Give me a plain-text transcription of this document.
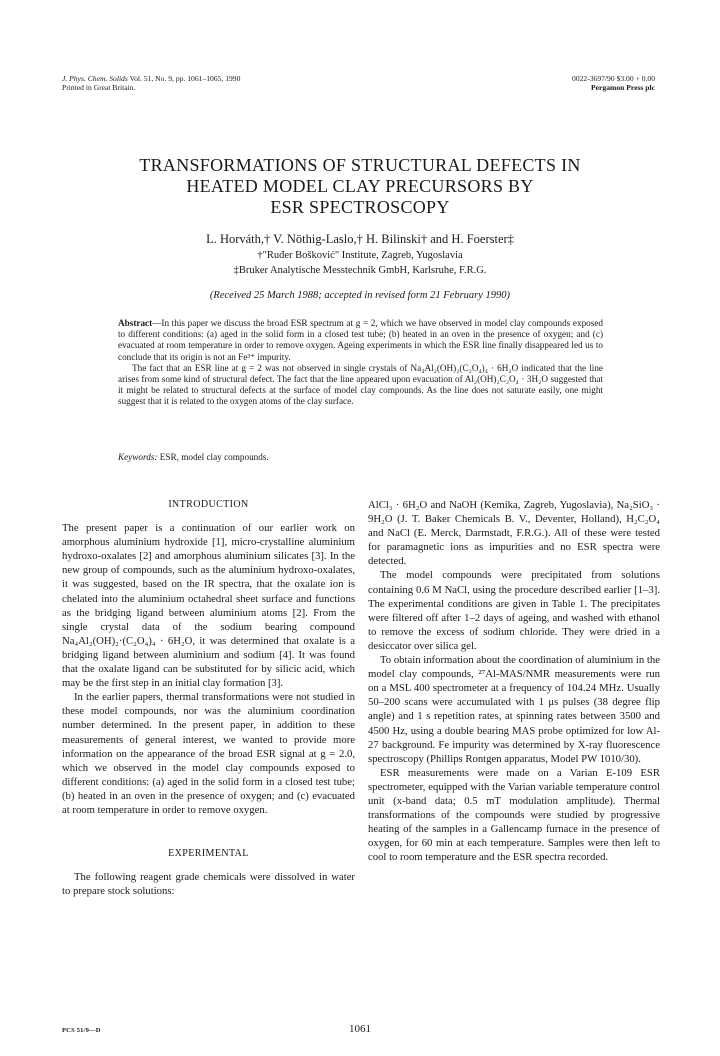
J. Phys. Chem. Solids Vol. 51, No. 9, pp. 1061–1065, 1990
Printed in Great Britain.
0022-3697/90 $3.00 + 0.00
Pergamon Press plc
TRANSFORMATIONS OF STRUCTURAL DEFECTS IN
HEATED MODEL CLAY PRECURSORS BY
ESR SPECTROSCOPY

L. Horváth,† V. Nöthig-Laslo,† H. Bilinski† and H. Foerster‡

†"Ruđer Bošković" Institute, Zagreb, Yugoslavia

‡Bruker Analytische Messtechnik GmbH, Karlsruhe, F.R.G.

(Received 25 March 1988; accepted in revised form 21 February 1990)

Abstract—In this paper we discuss the broad ESR spectrum at g = 2, which we have observed in model clay compounds exposed to different conditions: (a) aged in the solid form in a closed test tube; (b) heated in an oven in the presence of oxygen; and (c) evacuated at room temperature in order to remove oxygen. Ageing experiments in which the ESR line finally disappeared led us to conclude that its origin is not an Fe³⁺ impurity.

The fact that an ESR line at g = 2 was not observed in single crystals of Na₄Al₂(OH)₂(C₂O₄)₄ · 6H₂O indicated that the line arises from some kind of structural defect. The fact that the line appeared upon evacuation of Al₂(OH)₂C₂O₄ · 3H₂O suggested that it might be related to structural defects at the surface of model clay compounds. As the line does not saturate easily, one might suggest that it is related to the oxygen atoms of the clay surface.

Keywords: ESR, model clay compounds.

INTRODUCTION

The present paper is a continuation of our earlier work on amorphous aluminium hydroxide [1], micro-crystalline aluminium hydroxo-oxalates [2] and amorphous aluminium silicates [3]. In the new group of compounds, such as the aluminium hydroxo-oxalates, it was suggested, based on the IR spectra, that the oxalate ion is chelated into the aluminium octahedral sheet surface and functions as the bridging ligand between aluminium atoms [2]. From the single crystal data of the sodium bearing compound Na₄Al₂(OH)₂·(C₂O₄)₄ · 6H₂O, it was determined that oxalate is a bridging ligand between aluminium and sodium [4]. It was found that the oxalate ligand can be substituted for by silicic acid, which may be the first step in an initial clay formation [3].

In the earlier papers, thermal transformations were not studied in these model compounds, nor was the aluminium coordination number determined. In the present paper, in addition to these measurements of general interest, we wanted to provide more information on the appearance of the broad ESR signal at g = 2.0, which we observed in the model clay compounds exposed to different conditions: (a) aged in the solid form in a closed test tube; (b) heated in an oven in the presence of oxygen; and (c) evacuated at room temperature in order to remove oxygen.

EXPERIMENTAL

The following reagent grade chemicals were dissolved in water to prepare stock solutions:

AlCl₃ · 6H₂O and NaOH (Kemika, Zagreb, Yugoslavia), Na₂SiO₃ · 9H₂O (J. T. Baker Chemicals B. V., Deventer, Holland), H₂C₂O₄ and NaCl (E. Merck, Darmstadt, F.R.G.). All of these were tested for paramagnetic ions as impurities and no ESR spectra were detected.

The model compounds were precipitated from solutions containing 0.6 M NaCl, using the procedure described earlier [1–3]. The experimental conditions are given in Table 1. The precipitates were filtered off after 1–2 days of ageing, and washed with ethanol to remove the excess of sodium chloride. They were dried in a desiccator over silica gel.

To obtain information about the coordination of aluminium in the model clay compounds, ²⁷Al-MAS/NMR measurements were run on a MSL 400 spectrometer at a frequency of 104.24 MHz. Usually 50–200 scans were accumulated with 1 μs pulses (38 degree flip angle) and 1 s repetition rates, at spinning rates between 3500 and 4500 Hz, using a double bearing MAS probe optimized for low Al-27 background. Fe impurity was determined by X-ray fluorescence spectroscopy (Phillips Rontgen apparatus, Model PW 1010/30).

ESR measurements were made on a Varian E-109 ESR spectrometer, equipped with the Varian variable temperature control unit (x-band data; 0.5 mT modulation amplitude). Thermal transformations of the compounds were studied by progressive heating of the samples in a Gallencamp furnace in the presence of oxygen, for 60 min at each temperature. Samples were then left to cool to room temperature and the ESR spectra recorded.

PCS 51/9—D	1061
